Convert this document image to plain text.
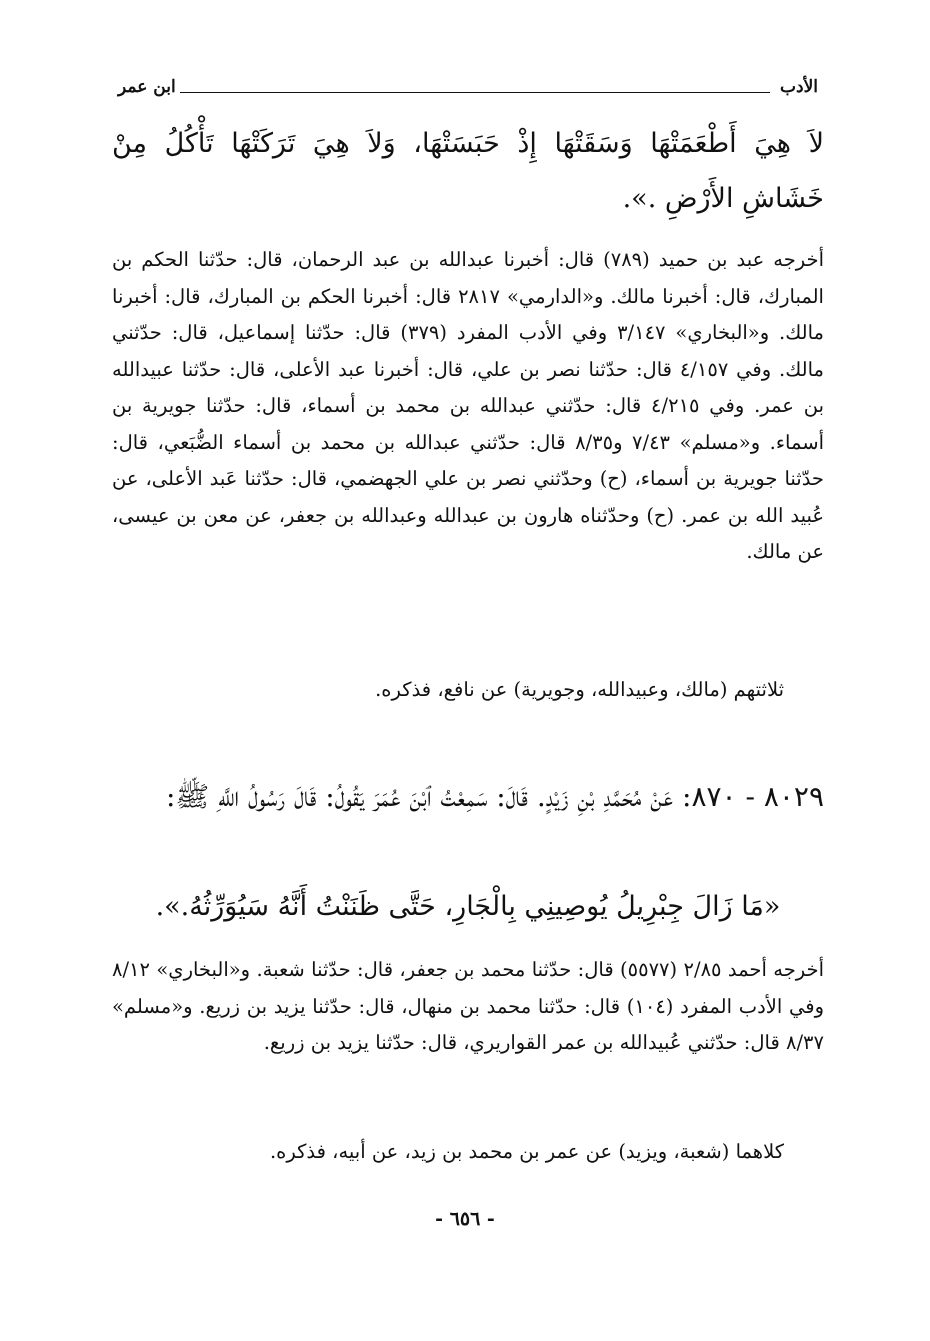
الأدب
ابن عمر
لاَ هِيَ أَطْعَمَتْهَا وَسَقَتْهَا إِذْ حَبَسَتْهَا، وَلاَ هِيَ تَرَكَتْهَا تَأْكُلُ مِنْ خَشَاشِ الأَرْضِ .».
أخرجه عبد بن حميد (٧٨٩) قال: أخبرنا عبدالله بن عبد الرحمان، قال: حدّثنا الحكم بن المبارك، قال: أخبرنا مالك. و«الدارمي» ٢٨١٧ قال: أخبرنا الحكم بن المبارك، قال: أخبرنا مالك. و«البخاري» ٣/١٤٧ وفي الأدب المفرد (٣٧٩) قال: حدّثنا إسماعيل، قال: حدّثني مالك. وفي ٤/١٥٧ قال: حدّثنا نصر بن علي، قال: أخبرنا عبد الأعلى، قال: حدّثنا عبيدالله بن عمر. وفي ٤/٢١٥ قال: حدّثني عبدالله بن محمد بن أسماء، قال: حدّثنا جويرية بن أسماء. و«مسلم» ٧/٤٣ و٨/٣٥ قال: حدّثني عبدالله بن محمد بن أسماء الضُّبَعي، قال: حدّثنا جويرية بن أسماء، (ح) وحدّثني نصر بن علي الجهضمي، قال: حدّثنا عَبد الأعلى، عن عُبيد الله بن عمر. (ح) وحدّثناه هارون بن عبدالله وعبدالله بن جعفر، عن معن بن عيسى، عن مالك.
ثلاثتهم (مالك، وعبيدالله، وجويرية) عن نافع، فذكره.
٨٠٢٩ - ٨٧٠: عَنْ مُحَمَّدِ بْنِ زَيْدٍ. قَالَ: سَمِعْتُ ٱبْنَ عُمَرَ يَقُولُ: قَالَ رَسُولُ اللَّهِ ﷺ:
«مَا زَالَ جِبْرِيلُ يُوصِينِي بِالْجَارِ، حَتَّى ظَنَنْتُ أَنَّهُ سَيُوَرِّثُهُ.».
أخرجه أحمد ٢/٨٥ (٥٥٧٧) قال: حدّثنا محمد بن جعفر، قال: حدّثنا شعبة. و«البخاري» ٨/١٢ وفي الأدب المفرد (١٠٤) قال: حدّثنا محمد بن منهال، قال: حدّثنا يزيد بن زريع. و«مسلم» ٨/٣٧ قال: حدّثني عُبيدالله بن عمر القواريري، قال: حدّثنا يزيد بن زريع.
كلاهما (شعبة، ويزيد) عن عمر بن محمد بن زيد، عن أبيه، فذكره.
- ٦٥٦ -
